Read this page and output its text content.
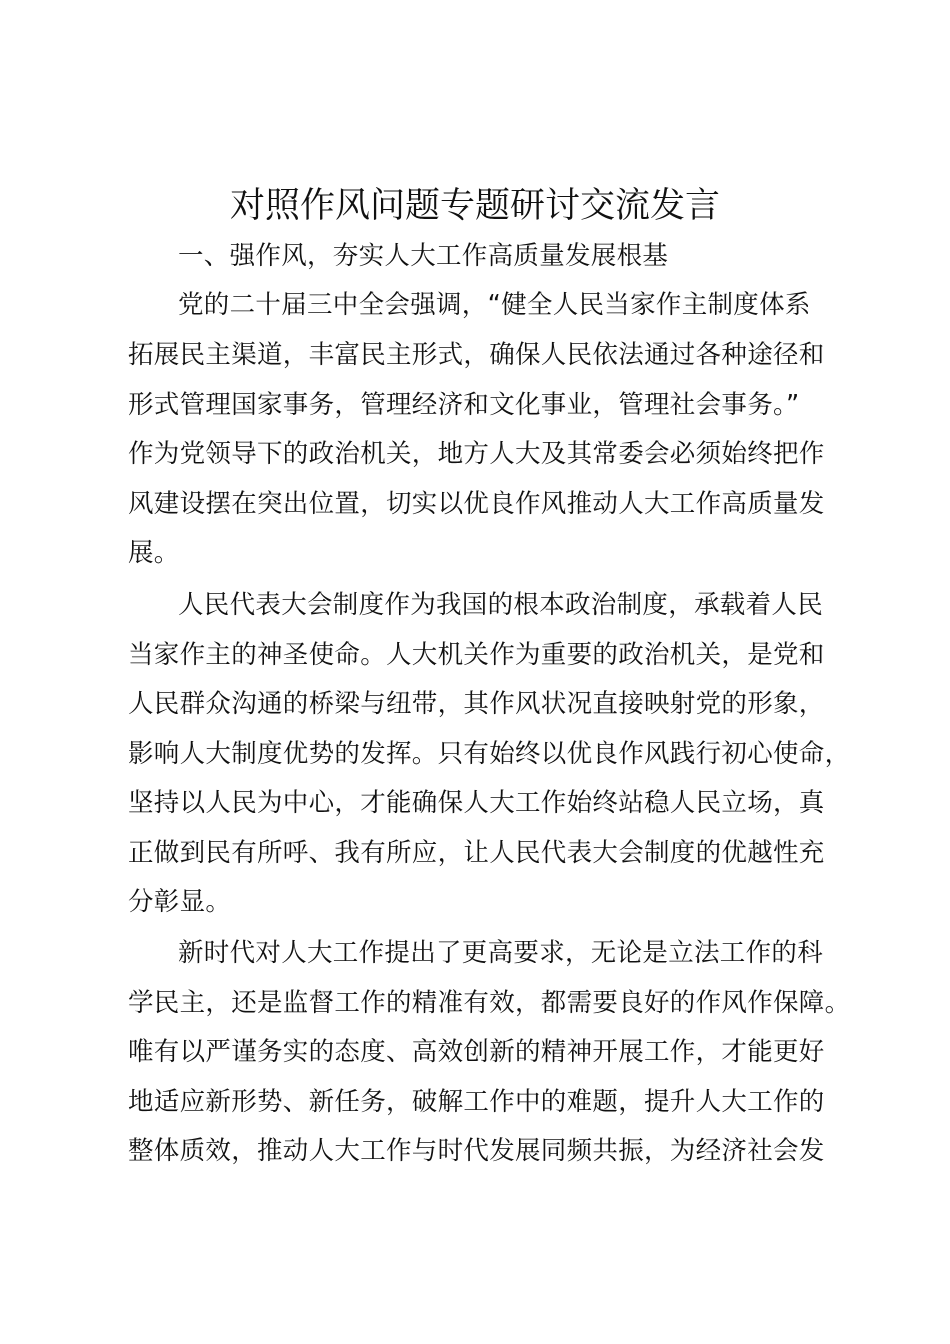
对照作风问题专题研讨交流发言
一、强作风，夯实人大工作高质量发展根基
党的二十届三中全会强调，“健全人民当家作主制度体系
拓展民主渠道，丰富民主形式，确保人民依法通过各种途径和
形式管理国家事务，管理经济和文化事业，管理社会事务。”
作为党领导下的政治机关，地方人大及其常委会必须始终把作
风建设摆在突出位置，切实以优良作风推动人大工作高质量发
展。
人民代表大会制度作为我国的根本政治制度，承载着人民
当家作主的神圣使命。人大机关作为重要的政治机关，是党和
人民群众沟通的桥梁与纽带，其作风状况直接映射党的形象，
影响人大制度优势的发挥。只有始终以优良作风践行初心使命，
坚持以人民为中心，才能确保人大工作始终站稳人民立场，真
正做到民有所呼、我有所应，让人民代表大会制度的优越性充
分彰显。
新时代对人大工作提出了更高要求，无论是立法工作的科
学民主，还是监督工作的精准有效，都需要良好的作风作保障。
唯有以严谨务实的态度、高效创新的精神开展工作，才能更好
地适应新形势、新任务，破解工作中的难题，提升人大工作的
整体质效，推动人大工作与时代发展同频共振，为经济社会发
